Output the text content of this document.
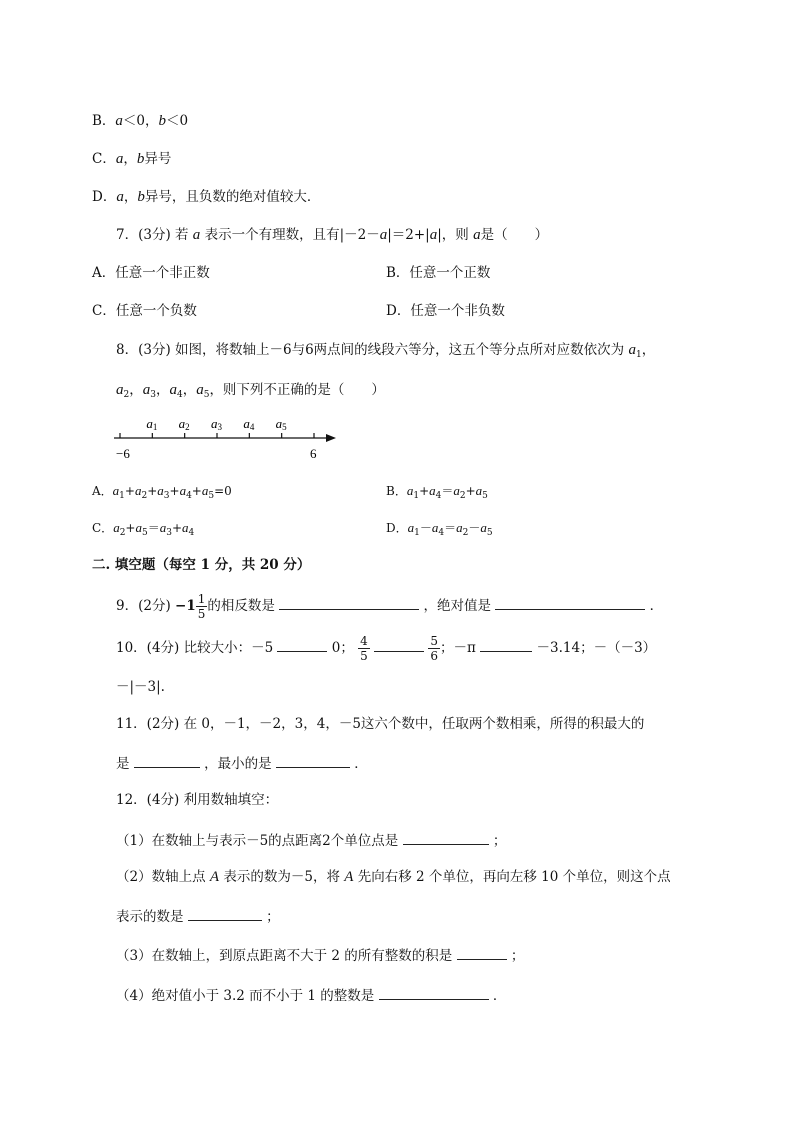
B．a＜0，b＜0
C．a，b异号
D．a，b异号，且负数的绝对值较大．
7．(3分) 若 a 表示一个有理数，且有|－2－a|＝2+|a|，则 a是（　　）
A．任意一个非正数	B．任意一个正数
C．任意一个负数	D．任意一个非负数
8．(3分) 如图，将数轴上－6与6两点间的线段六等分，这五个等分点所对应数依次为 $a_1$，
$a_2$，$a_3$，$a_4$，$a_5$，则下列不正确的是（　　）
a1 a2 a3 a4 a5
−6	6
A．$a_1+a_2+a_3+a_4+a_5=0$	B．$a_1+a_4=a_2+a_5$
C．$a_2+a_5=a_3+a_4$	D．$a_1-a_4=a_2-a_5$
二. 填空题（每空 1 分，共 20 分）
9．(2分) $-1 \frac{1}{5}$ 的相反数是	，绝对值是	．
10．(4分) 比较大小：－5	0； $\frac{4}{5}$
	$\frac{5}{6}$ ；－π	－3.14；－（－3）
－|－3|.
11．(2分) 在 0，－1，－2，3，4，－5这六个数中，任取两个数相乘，所得的积最大的
是	，最小的是	．
12．(4分) 利用数轴填空：
（1）在数轴上与表示－5的点距离2个单位点是	；
（2）数轴上点 A 表示的数为－5，将 A 先向右移 2 个单位，再向左移 10 个单位，则这个点
表示的数是	；
（3）在数轴上，到原点距离不大于 2 的所有整数的积是	；
（4）绝对值小于 3.2 而不小于 1 的整数是	．
